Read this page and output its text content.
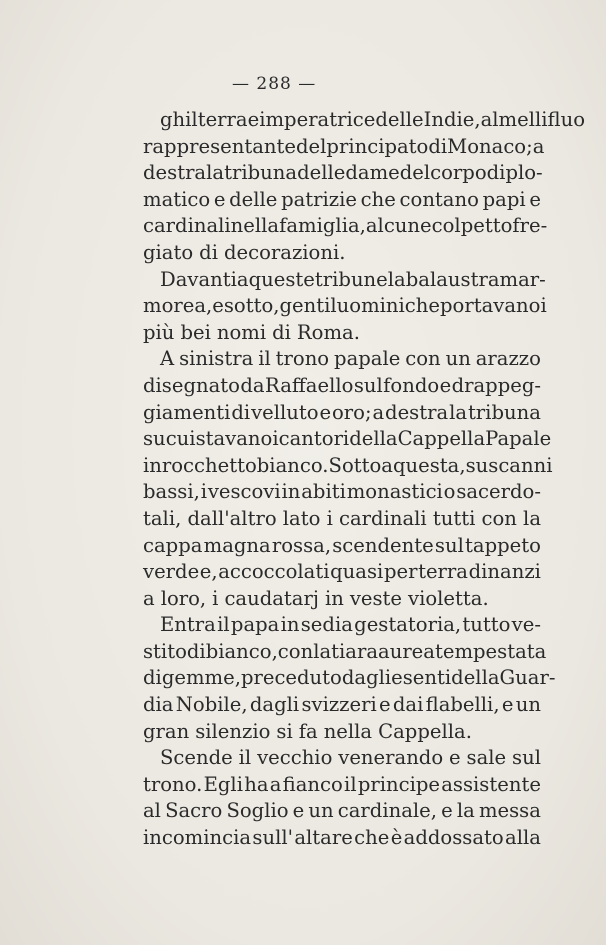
— 288 —
ghilterra e imperatrice delle Indie, al mellifluo
rappresentante del principato di Monaco; a
destra la tribuna delle dame del corpo diplo-
matico e delle patrizie che contano papi e
cardinali nella famiglia, alcune col petto fre-
giato di decorazioni.
Davanti a queste tribune la balaustra mar-
morea, e sotto, gentiluomini che portavano i
più bei nomi di Roma.
A sinistra il trono papale con un arazzo
disegnato da Raffaello sul fondo e drappeg-
giamenti di velluto e oro; a destra la tribuna
su cui stavano i cantori della Cappella Papale
in rocchetto bianco. Sotto a questa, su scanni
bassi, i vescovi in abiti monastici o sacerdo-
tali, dall'altro lato i cardinali tutti con la
cappa magna rossa, scendente sul tappeto
verde e, accoccolati quasi per terra dinanzi
a loro, i caudatarj in veste violetta.
Entra il papa in sedia gestatoria, tutto ve-
stito di bianco, con la tiara aurea tempestata
di gemme, preceduto dagli esenti della Guar-
dia Nobile, dagli svizzeri e dai flabelli, e un
gran silenzio si fa nella Cappella.
Scende il vecchio venerando e sale sul
trono. Egli ha a fianco il principe assistente
al Sacro Soglio e un cardinale, e la messa
incomincia sull' altare che è addossato alla
